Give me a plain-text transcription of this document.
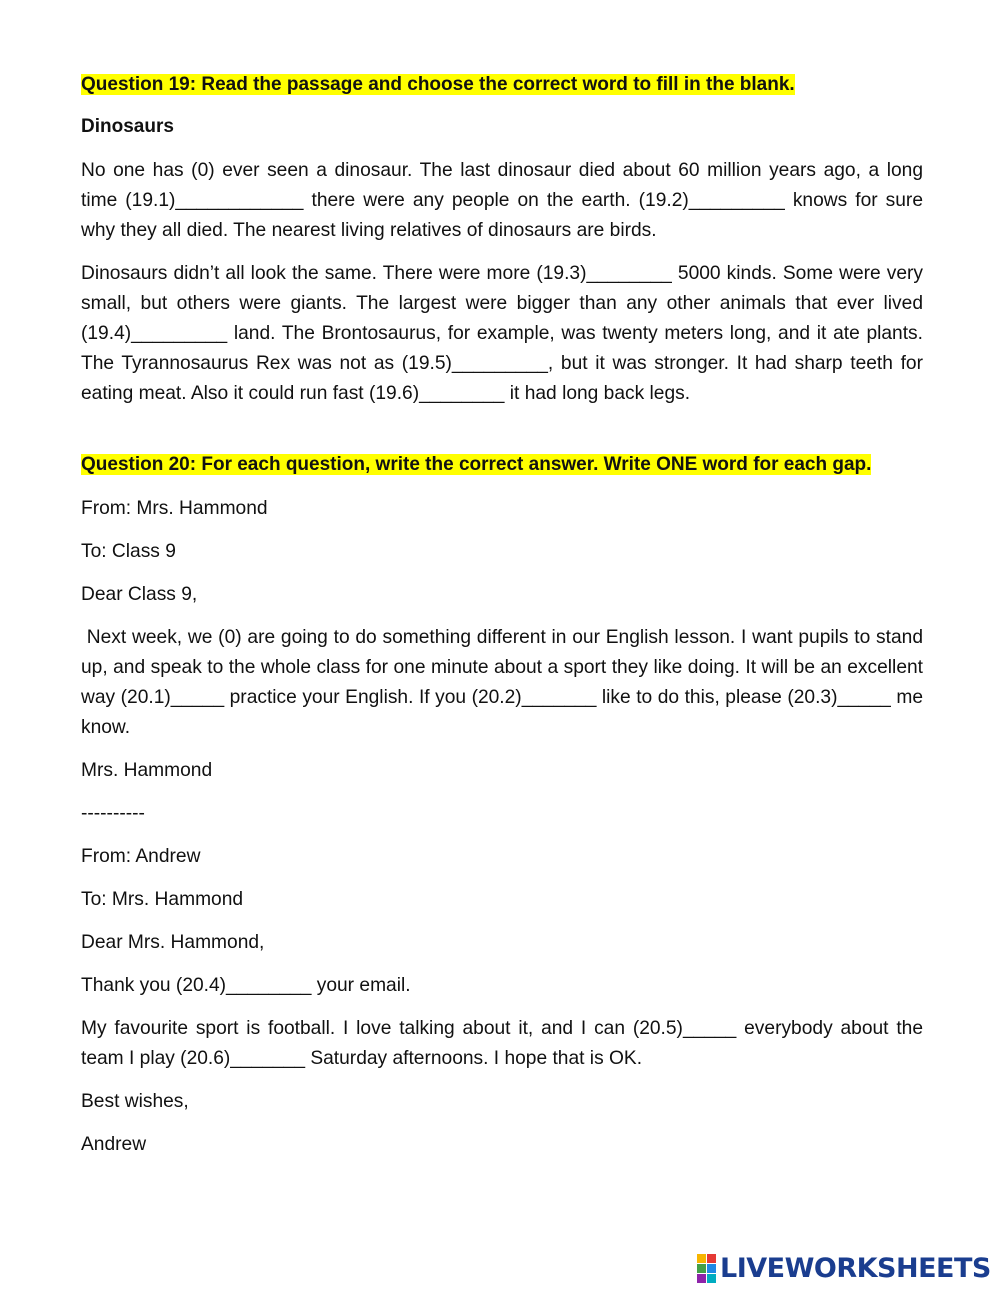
Question 19: Read the passage and choose the correct word to fill in the blank.
Dinosaurs

No one has (0) ever seen a dinosaur. The last dinosaur died about 60 million years ago, a long time (19.1)____________ there were any people on the earth. (19.2)_________ knows for sure why they all died. The nearest living relatives of dinosaurs are birds.

Dinosaurs didn’t all look the same. There were more (19.3)________ 5000 kinds. Some were very small, but others were giants. The largest were bigger than any other animals that ever lived (19.4)_________ land. The Brontosaurus, for example, was twenty meters long, and it ate plants. The Tyrannosaurus Rex was not as (19.5)_________, but it was stronger. It had sharp teeth for eating meat. Also it could run fast (19.6)________ it had long back legs.

Question 20: For each question, write the correct answer. Write ONE word for each gap.

From: Mrs. Hammond

To: Class 9

Dear Class 9,

Next week, we (0) are going to do something different in our English lesson. I want pupils to stand up, and speak to the whole class for one minute about a sport they like doing. It will be an excellent way (20.1)_____ practice your English. If you (20.2)_______ like to do this, please (20.3)_____ me know.

Mrs. Hammond

----------

From: Andrew

To: Mrs. Hammond

Dear Mrs. Hammond,

Thank you (20.4)________ your email.

My favourite sport is football. I love talking about it, and I can (20.5)_____ everybody about the team I play (20.6)_______ Saturday afternoons. I hope that is OK.

Best wishes,

Andrew

LIVEWORKSHEETS
